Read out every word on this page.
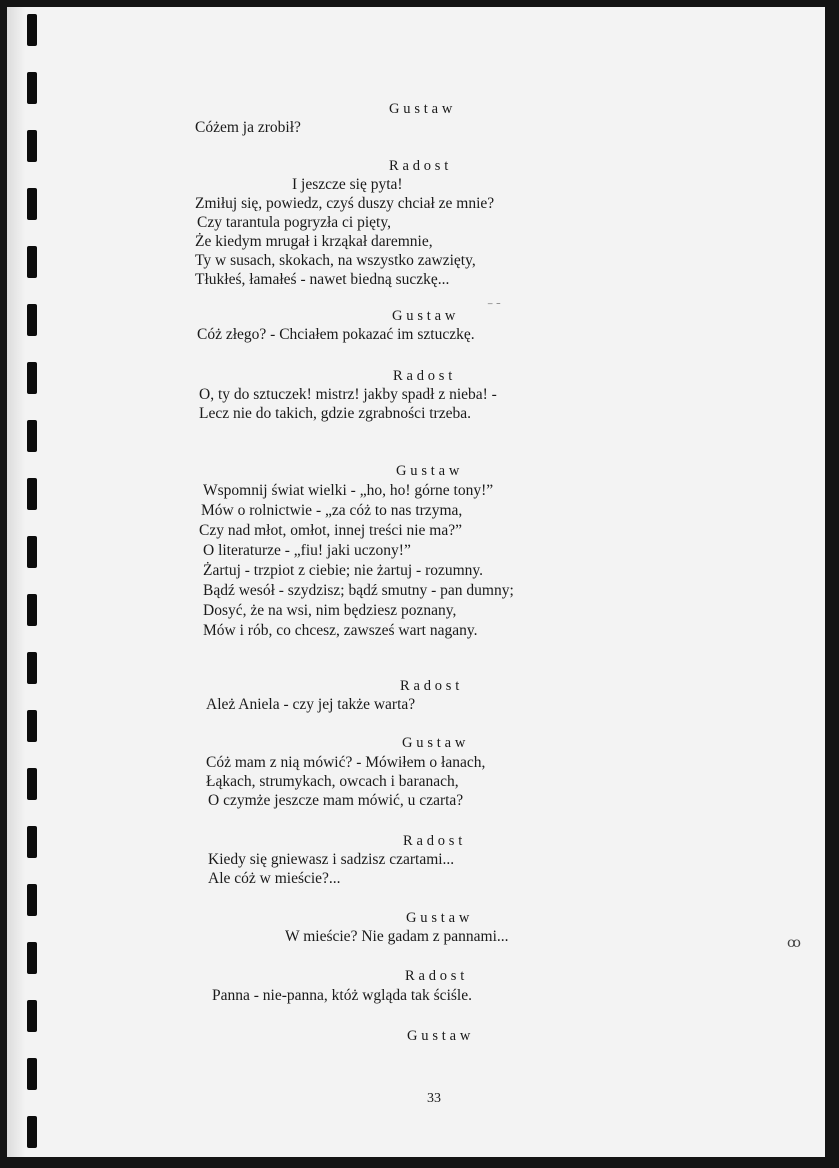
Gustaw
Cóżem ja zrobił?
Radost
I jeszcze się pyta!
Zmiłuj się, powiedz, czyś duszy chciał ze mnie?
Czy tarantula pogryzła ci pięty,
Że kiedym mrugał i krząkał daremnie,
Ty w susach, skokach, na wszystko zawzięty,
Tłukłeś, łamałeś - nawet biedną suczkę...
Gustaw
Cóż złego? - Chciałem pokazać im sztuczkę.
Radost
O, ty do sztuczek! mistrz! jakby spadł z nieba! -
Lecz nie do takich, gdzie zgrabności trzeba.
Gustaw
Wspomnij świat wielki - „ho, ho! górne tony!”
Mów o rolnictwie - „za cóż to nas trzyma,
Czy nad młot, omłot, innej treści nie ma?”
O literaturze - „fiu! jaki uczony!”
Żartuj - trzpiot z ciebie; nie żartuj - rozumny.
Bądź wesół - szydzisz; bądź smutny - pan dumny;
Dosyć, że na wsi, nim będziesz poznany,
Mów i rób, co chcesz, zawsześ wart nagany.
Radost
Ależ Aniela - czy jej także warta?
Gustaw
Cóż mam z nią mówić? - Mówiłem o łanach,
Łąkach, strumykach, owcach i baranach,
O czymże jeszcze mam mówić, u czarta?
Radost
Kiedy się gniewasz i sadzisz czartami...
Ale cóż w mieście?...
Gustaw
W mieście? Nie gadam z pannami...
Radost
Panna - nie-panna, któż wgląda tak ściśle.
Gustaw
⁻ ˉ
ꝏ
33
